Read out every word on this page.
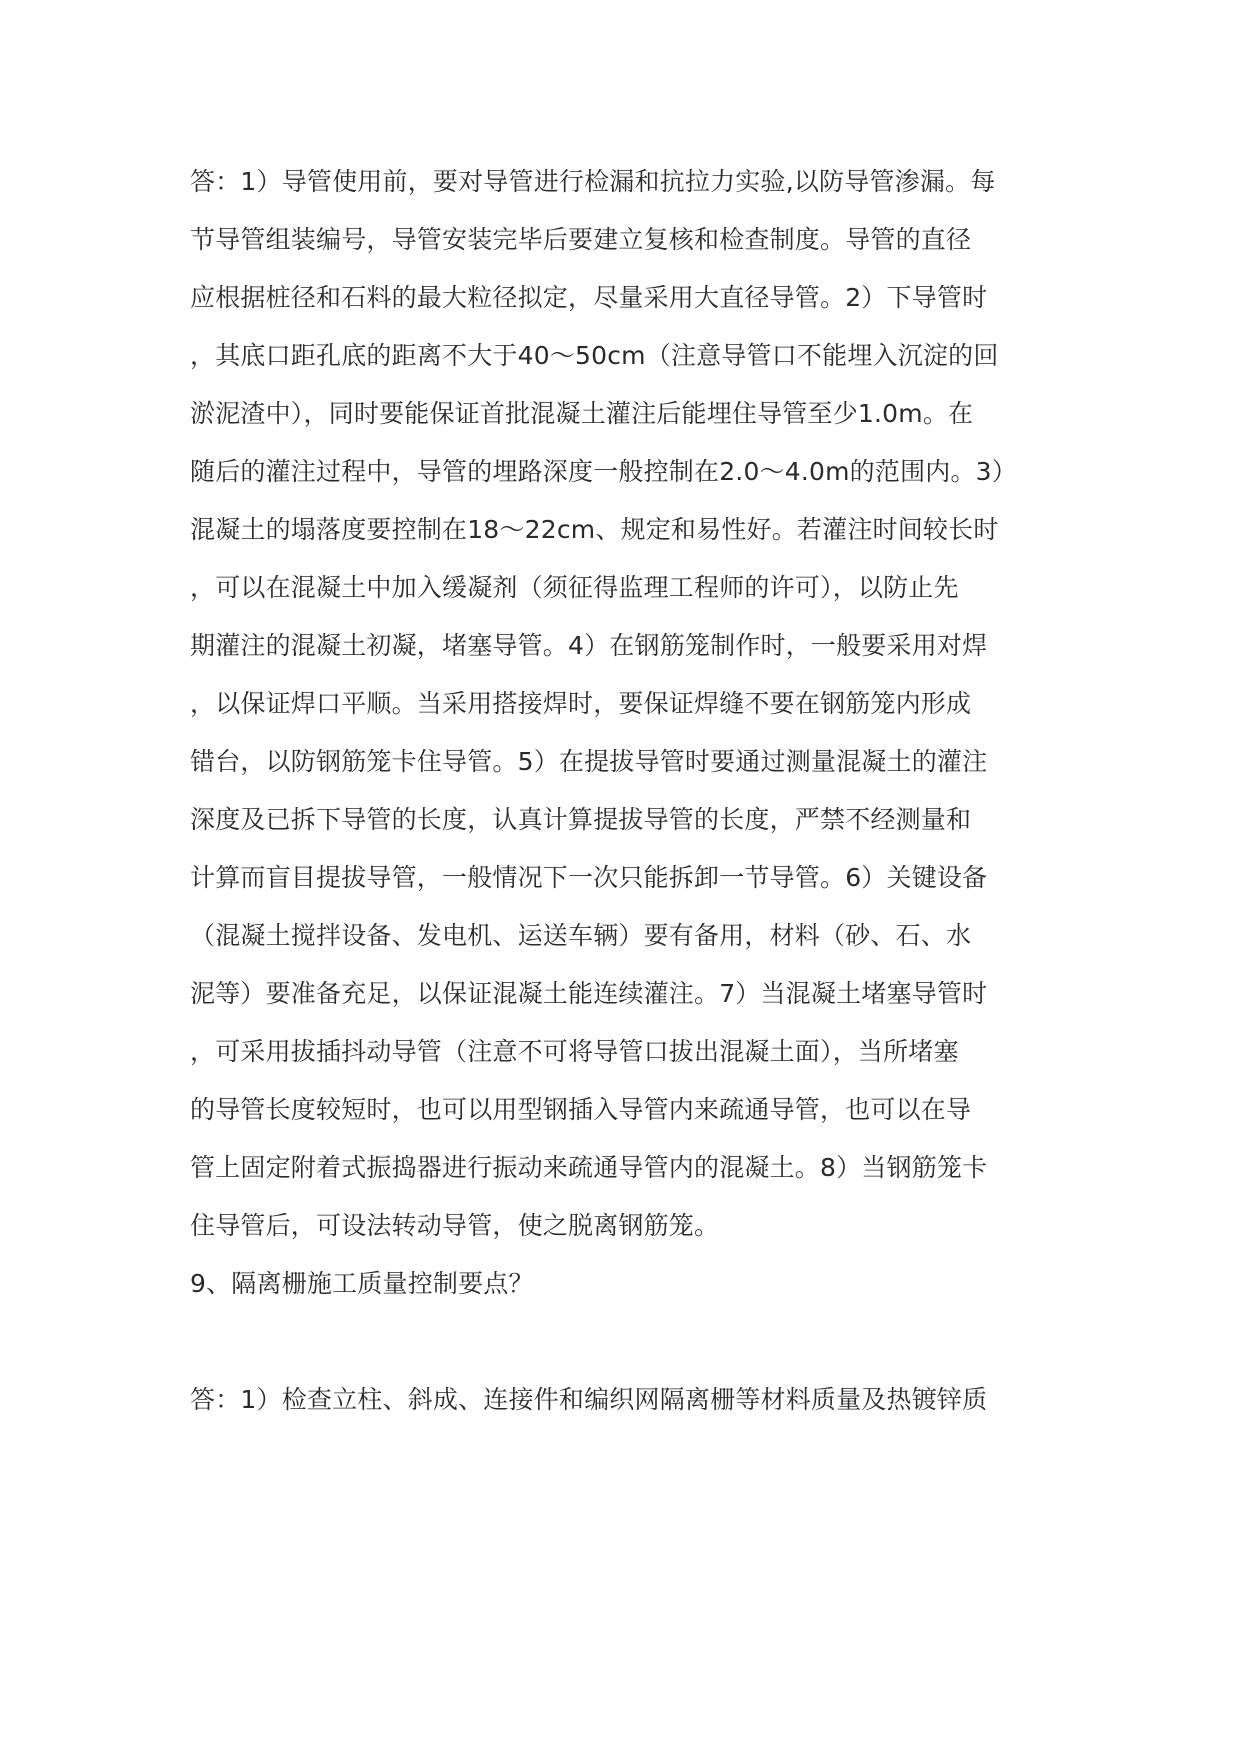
答：1）导管使用前，要对导管进行检漏和抗拉力实验,以防导管渗漏。每
节导管组装编号，导管安装完毕后要建立复核和检查制度。导管的直径
应根据桩径和石料的最大粒径拟定，尽量采用大直径导管。2）下导管时
，其底口距孔底的距离不大于40～50cm（注意导管口不能埋入沉淀的回
淤泥渣中），同时要能保证首批混凝土灌注后能埋住导管至少1.0m。在
随后的灌注过程中，导管的埋路深度一般控制在2.0～4.0m的范围内。3）
混凝土的塌落度要控制在18～22cm、规定和易性好。若灌注时间较长时
，可以在混凝土中加入缓凝剂（须征得监理工程师的许可），以防止先
期灌注的混凝土初凝，堵塞导管。4）在钢筋笼制作时，一般要采用对焊
，以保证焊口平顺。当采用搭接焊时，要保证焊缝不要在钢筋笼内形成
错台，以防钢筋笼卡住导管。5）在提拔导管时要通过测量混凝土的灌注
深度及已拆下导管的长度，认真计算提拔导管的长度，严禁不经测量和
计算而盲目提拔导管，一般情况下一次只能拆卸一节导管。6）关键设备
（混凝土搅拌设备、发电机、运送车辆）要有备用，材料（砂、石、水
泥等）要准备充足，以保证混凝土能连续灌注。7）当混凝土堵塞导管时
，可采用拔插抖动导管（注意不可将导管口拔出混凝土面），当所堵塞
的导管长度较短时，也可以用型钢插入导管内来疏通导管，也可以在导
管上固定附着式振捣器进行振动来疏通导管内的混凝土。8）当钢筋笼卡
住导管后，可设法转动导管，使之脱离钢筋笼。
9、隔离栅施工质量控制要点？
答：1）检查立柱、斜成、连接件和编织网隔离栅等材料质量及热镀锌质
